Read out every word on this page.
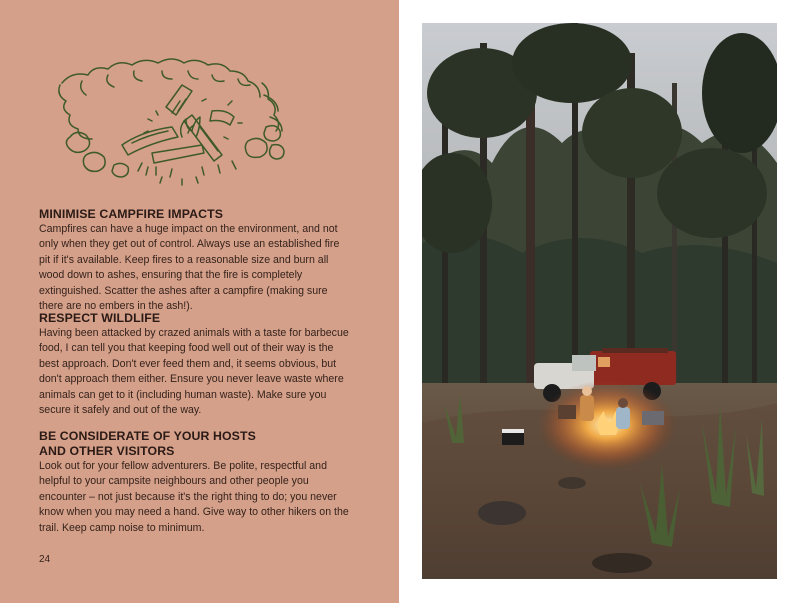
MINIMISE CAMPFIRE IMPACTS

Campfires can have a huge impact on the environment, and not only when they get out of control. Always use an established fire pit if it's available. Keep fires to a reasonable size and burn all wood down to ashes, ensuring that the fire is completely extinguished. Scatter the ashes after a campfire (making sure there are no embers in the ash!).

RESPECT WILDLIFE

Having been attacked by crazed animals with a taste for barbecue food, I can tell you that keeping food well out of their way is the best approach. Don't ever feed them and, it seems obvious, but don't approach them either. Ensure you never leave waste where animals can get to it (including human waste). Make sure you secure it safely and out of the way.

BE CONSIDERATE OF YOUR HOSTS AND OTHER VISITORS

Look out for your fellow adventurers. Be polite, respectful and helpful to your campsite neighbours and other people you encounter – not just because it's the right thing to do; you never know when you may need a hand. Give way to other hikers on the trail. Keep camp noise to minimum.

24
